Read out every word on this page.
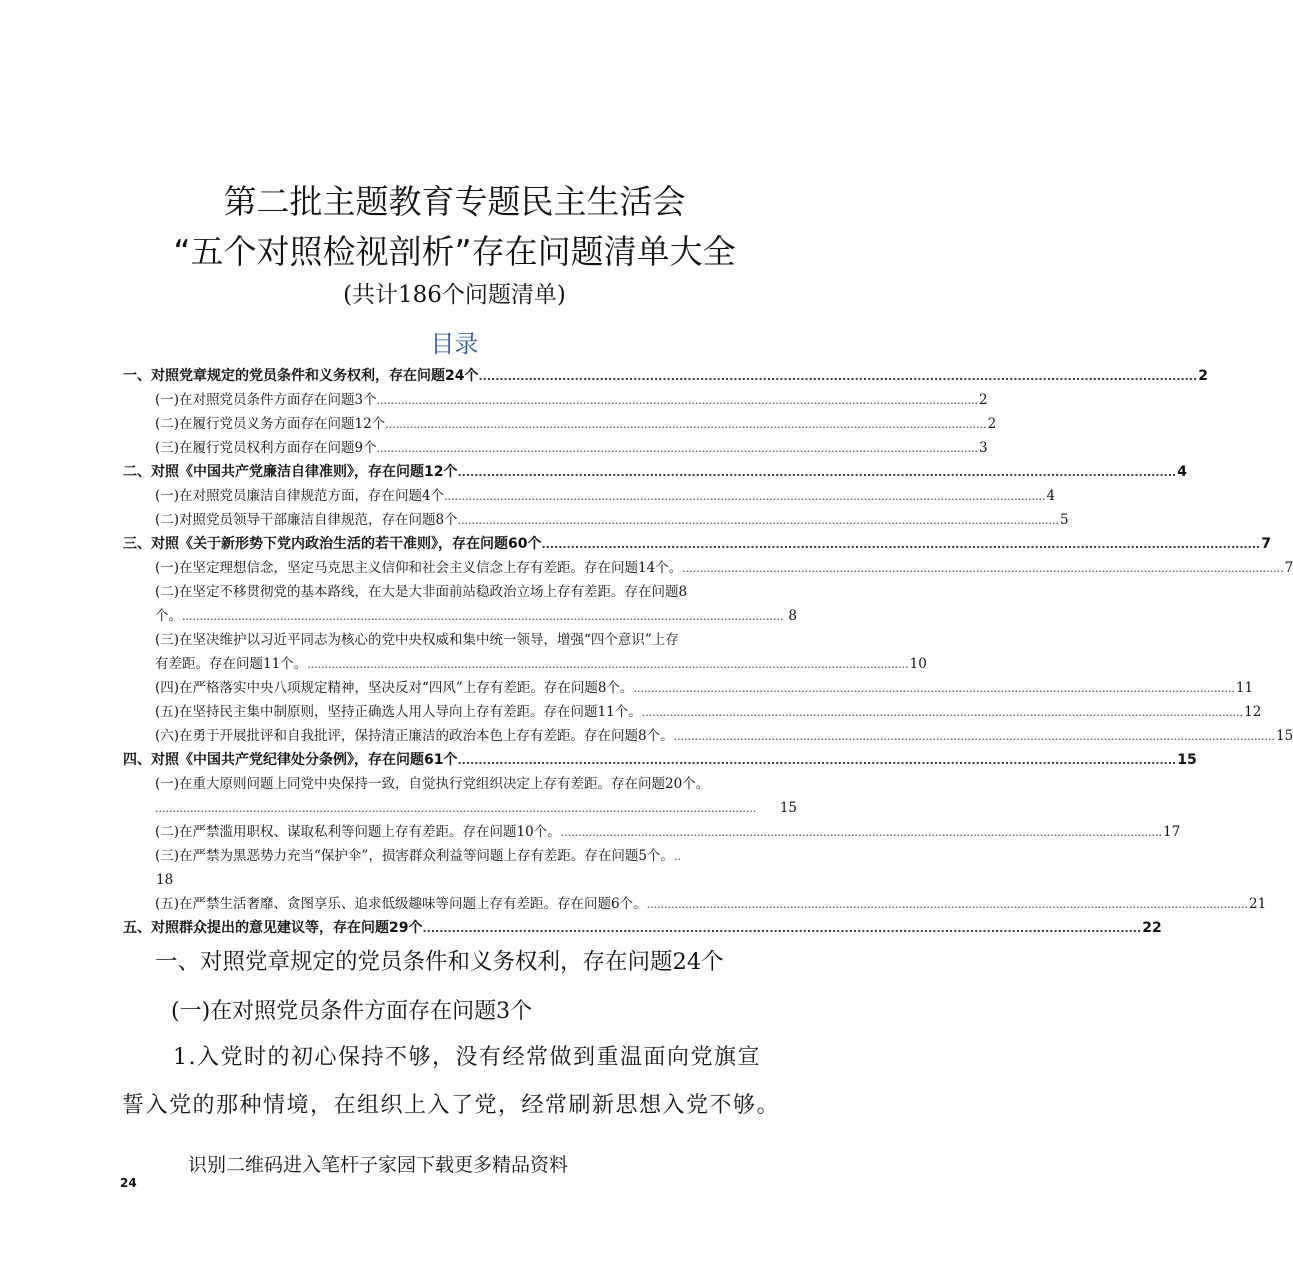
第二批主题教育专题民主生活会
“五个对照检视剖析”存在问题清单大全
(共计186个问题清单)
目录
一、对照党章规定的党员条件和义务权利，存在问题24个 ............................................................................................................................................................................ 2
(一)在对照党员条件方面存在问题3个 ............................................................................................................................................................................ 2
(二)在履行党员义务方面存在问题12个 ............................................................................................................................................................................ 2
(三)在履行党员权利方面存在问题9个 ............................................................................................................................................................................ 3
二、对照《中国共产党廉洁自律准则》，存在问题12个 ............................................................................................................................................................................ 4
(一)在对照党员廉洁自律规范方面，存在问题4个 ............................................................................................................................................................................ 4
(二)对照党员领导干部廉洁自律规范，存在问题8个 ............................................................................................................................................................................ 5
三、对照《关于新形势下党内政治生活的若干准则》，存在问题60个 ............................................................................................................................................................................ 7
(一)在坚定理想信念，坚定马克思主义信仰和社会主义信念上存有差距。存在问题14个。 ............................................................................................................................................................................ 7
(二)在坚定不移贯彻党的基本路线，在大是大非面前站稳政治立场上存有差距。存在问题8
个。 ............................................................................................................................................................................ 8
(三)在坚决维护以习近平同志为核心的党中央权威和集中统一领导，增强“四个意识”上存
有差距。存在问题11个。 ............................................................................................................................................................................ 10
(四)在严格落实中央八项规定精神，坚决反对“四风”上存有差距。存在问题8个。 ............................................................................................................................................................................ 11
(五)在坚持民主集中制原则，坚持正确选人用人导向上存有差距。存在问题11个。 ............................................................................................................................................................................ 12
(六)在勇于开展批评和自我批评，保持清正廉洁的政治本色上存有差距。存在问题8个。 ............................................................................................................................................................................ 15
四、对照《中国共产党纪律处分条例》，存在问题61个 ............................................................................................................................................................................ 15
(一)在重大原则问题上同党中央保持一致，自觉执行党组织决定上存有差距。存在问题20个。
............................................................................................................................................................................	15
(二)在严禁滥用职权、谋取私利等问题上存有差距。存在问题10个。 ............................................................................................................................................................................ 17
(三)在严禁为黑恶势力充当“保护伞”，损害群众利益等问题上存有差距。存在问题5个。 ..
18
(五)在严禁生活奢靡、贪图享乐、追求低级趣味等问题上存有差距。存在问题6个。 ............................................................................................................................................................................ 21
五、对照群众提出的意见建议等，存在问题29个 ............................................................................................................................................................................ 22
一、对照党章规定的党员条件和义务权利，存在问题24个
(一)在对照党员条件方面存在问题3个
1.入党时的初心保持不够，没有经常做到重温面向党旗宣
誓入党的那种情境，在组织上入了党，经常刷新思想入党不够。
识别二维码进入笔杆子家园下载更多精品资料
24
